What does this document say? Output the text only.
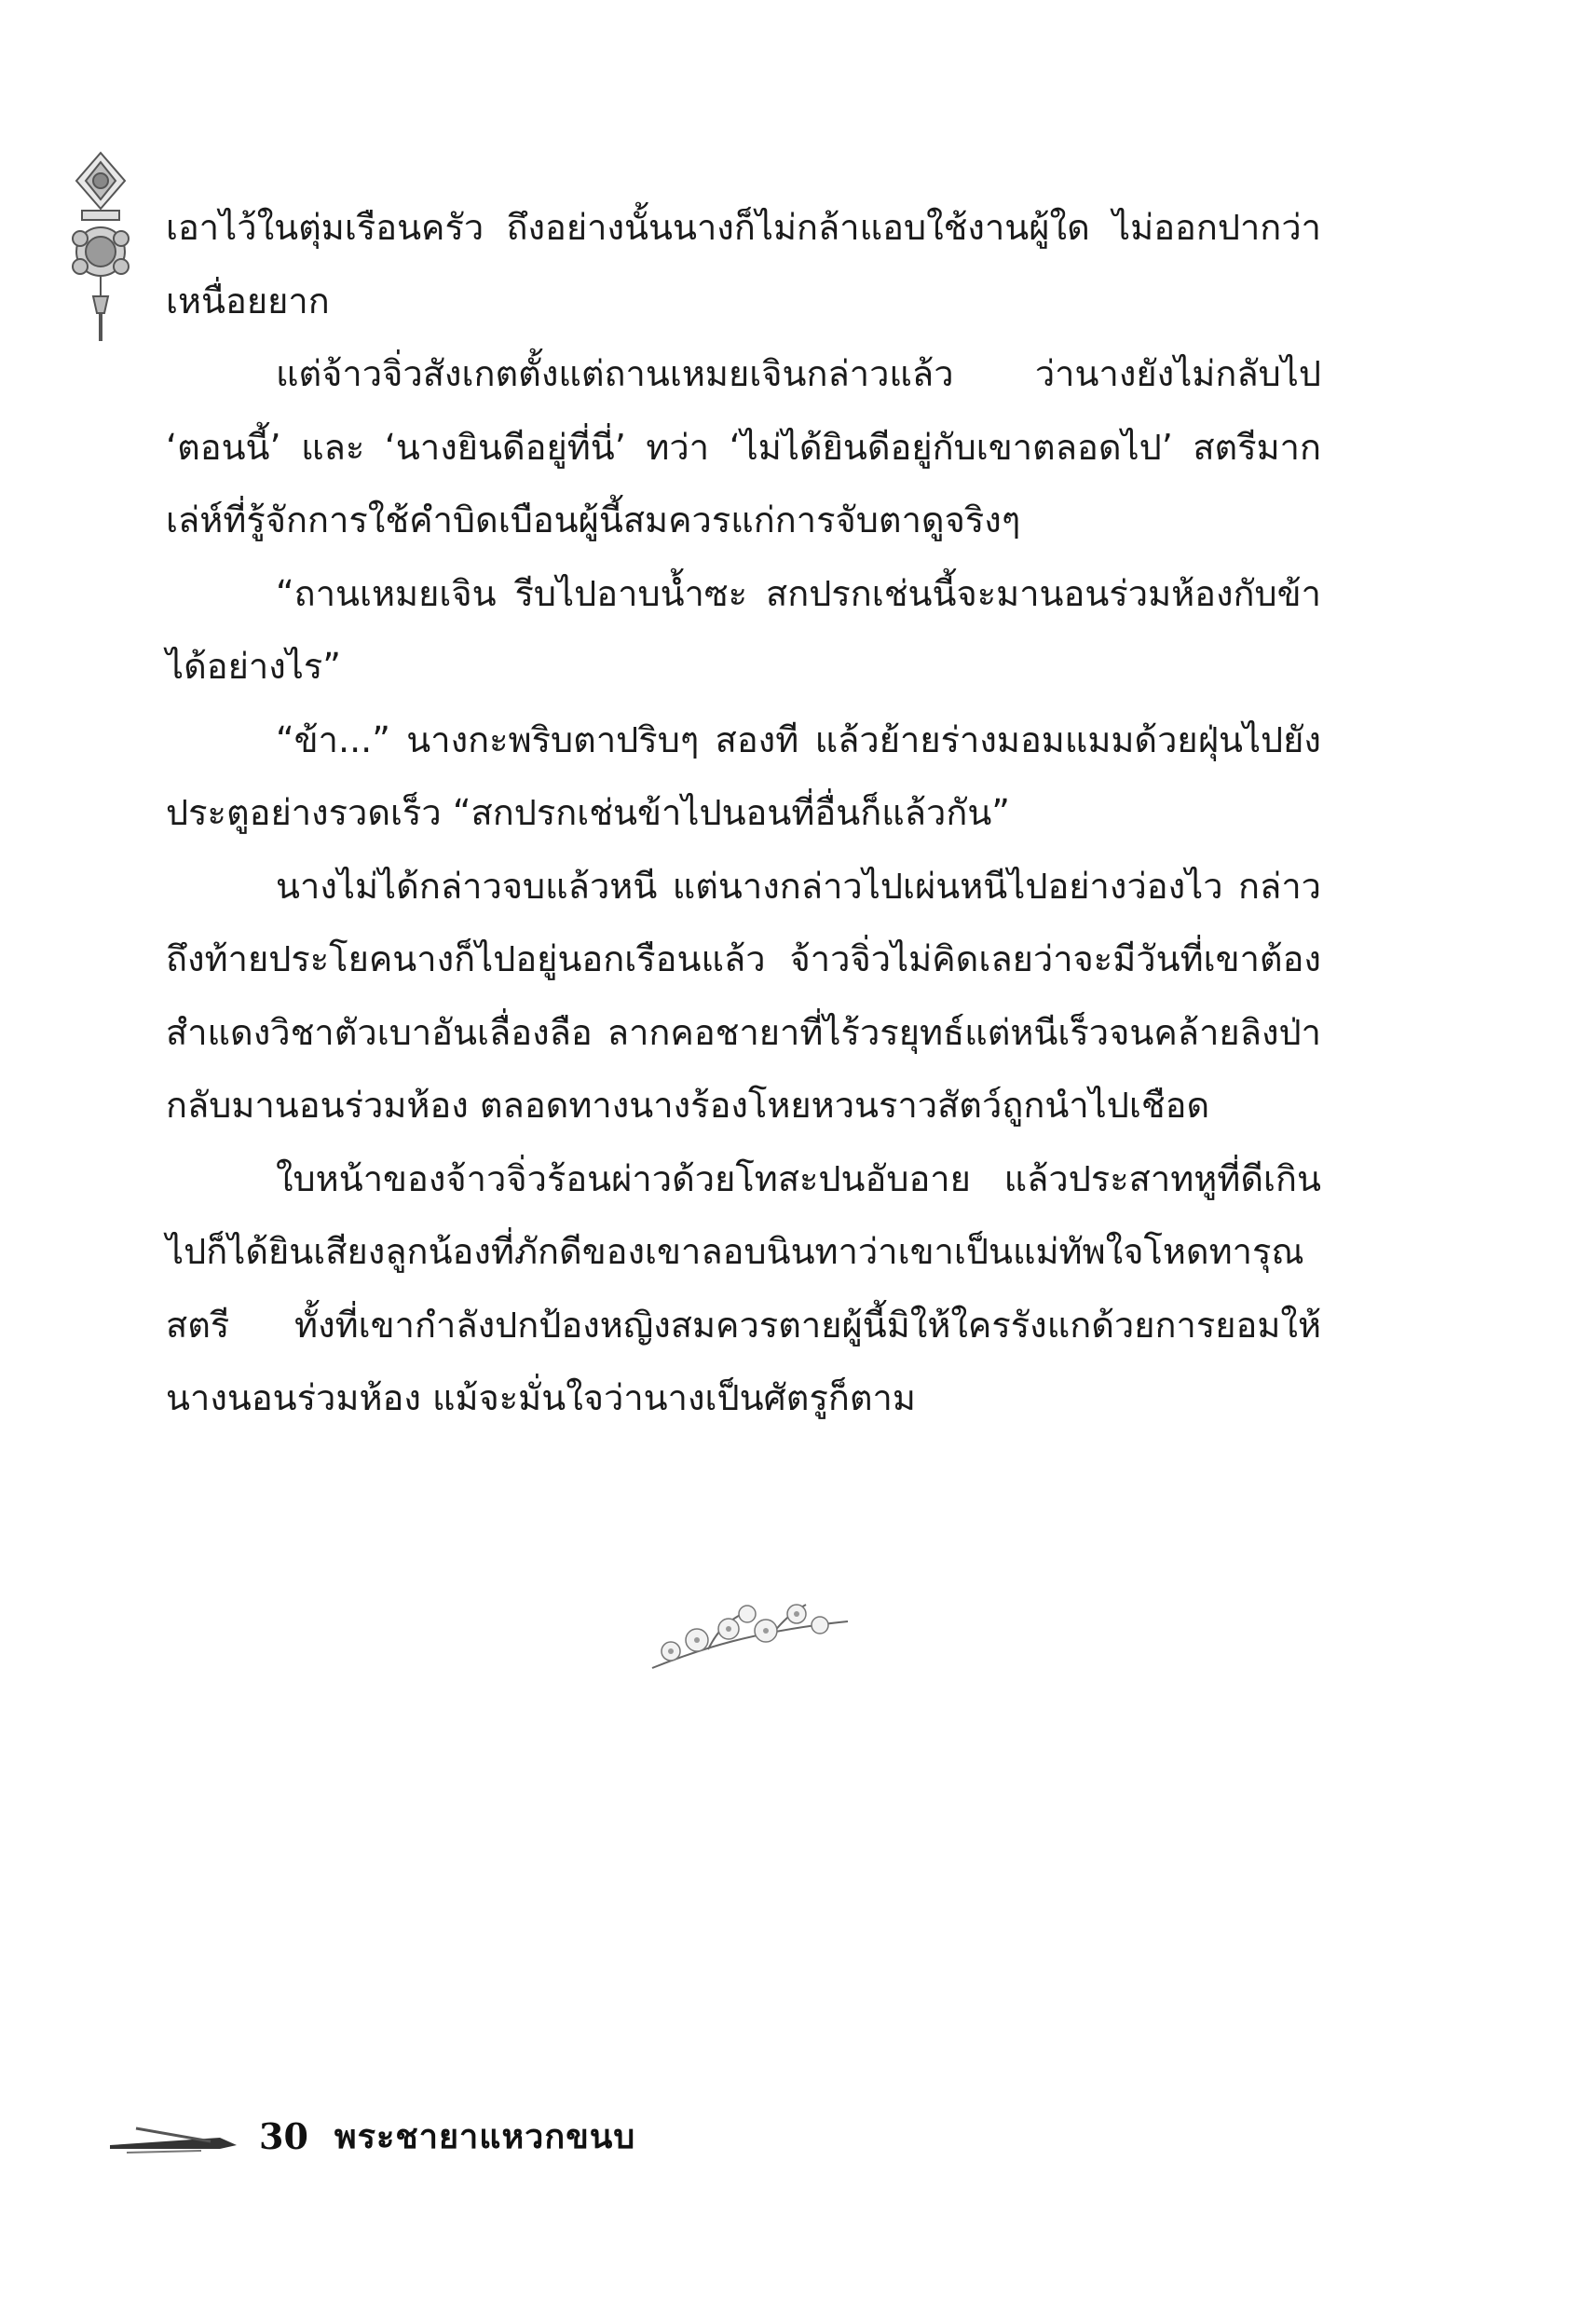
เอาไว้ในตุ่มเรือนครัว ถึงอย่างนั้นนางก็ไม่กล้าแอบใช้งานผู้ใด ไม่ออกปากว่าเหนื่อยยาก

แต่จ้าวจิ่วสังเกตตั้งแต่ถานเหมยเจินกล่าวแล้ว ว่านางยังไม่กลับไป ‘ตอนนี้’ และ ‘นางยินดีอยู่ที่นี่’ ทว่า ‘ไม่ได้ยินดีอยู่กับเขาตลอดไป’ สตรีมากเล่ห์ที่รู้จักการใช้คำบิดเบือนผู้นี้สมควรแก่การจับตาดูจริงๆ

“ถานเหมยเจิน รีบไปอาบน้ำซะ สกปรกเช่นนี้จะมานอนร่วมห้องกับข้าได้อย่างไร”

“ข้า...” นางกะพริบตาปริบๆ สองที แล้วย้ายร่างมอมแมมด้วยฝุ่นไปยังประตูอย่างรวดเร็ว “สกปรกเช่นข้าไปนอนที่อื่นก็แล้วกัน”

นางไม่ได้กล่าวจบแล้วหนี แต่นางกล่าวไปเผ่นหนีไปอย่างว่องไว กล่าวถึงท้ายประโยคนางก็ไปอยู่นอกเรือนแล้ว จ้าวจิ่วไม่คิดเลยว่าจะมีวันที่เขาต้องสำแดงวิชาตัวเบาอันเลื่องลือ ลากคอชายาที่ไร้วรยุทธ์แต่หนีเร็วจนคล้ายลิงป่ากลับมานอนร่วมห้อง ตลอดทางนางร้องโหยหวนราวสัตว์ถูกนำไปเชือด

ใบหน้าของจ้าวจิ่วร้อนผ่าวด้วยโทสะปนอับอาย แล้วประสาทหูที่ดีเกินไปก็ได้ยินเสียงลูกน้องที่ภักดีของเขาลอบนินทาว่าเขาเป็นแม่ทัพใจโหดทารุณสตรี ทั้งที่เขากำลังปกป้องหญิงสมควรตายผู้นี้มิให้ใครรังแกด้วยการยอมให้นางนอนร่วมห้อง แม้จะมั่นใจว่านางเป็นศัตรูก็ตาม

30 พระชายาแหวกขนบ
